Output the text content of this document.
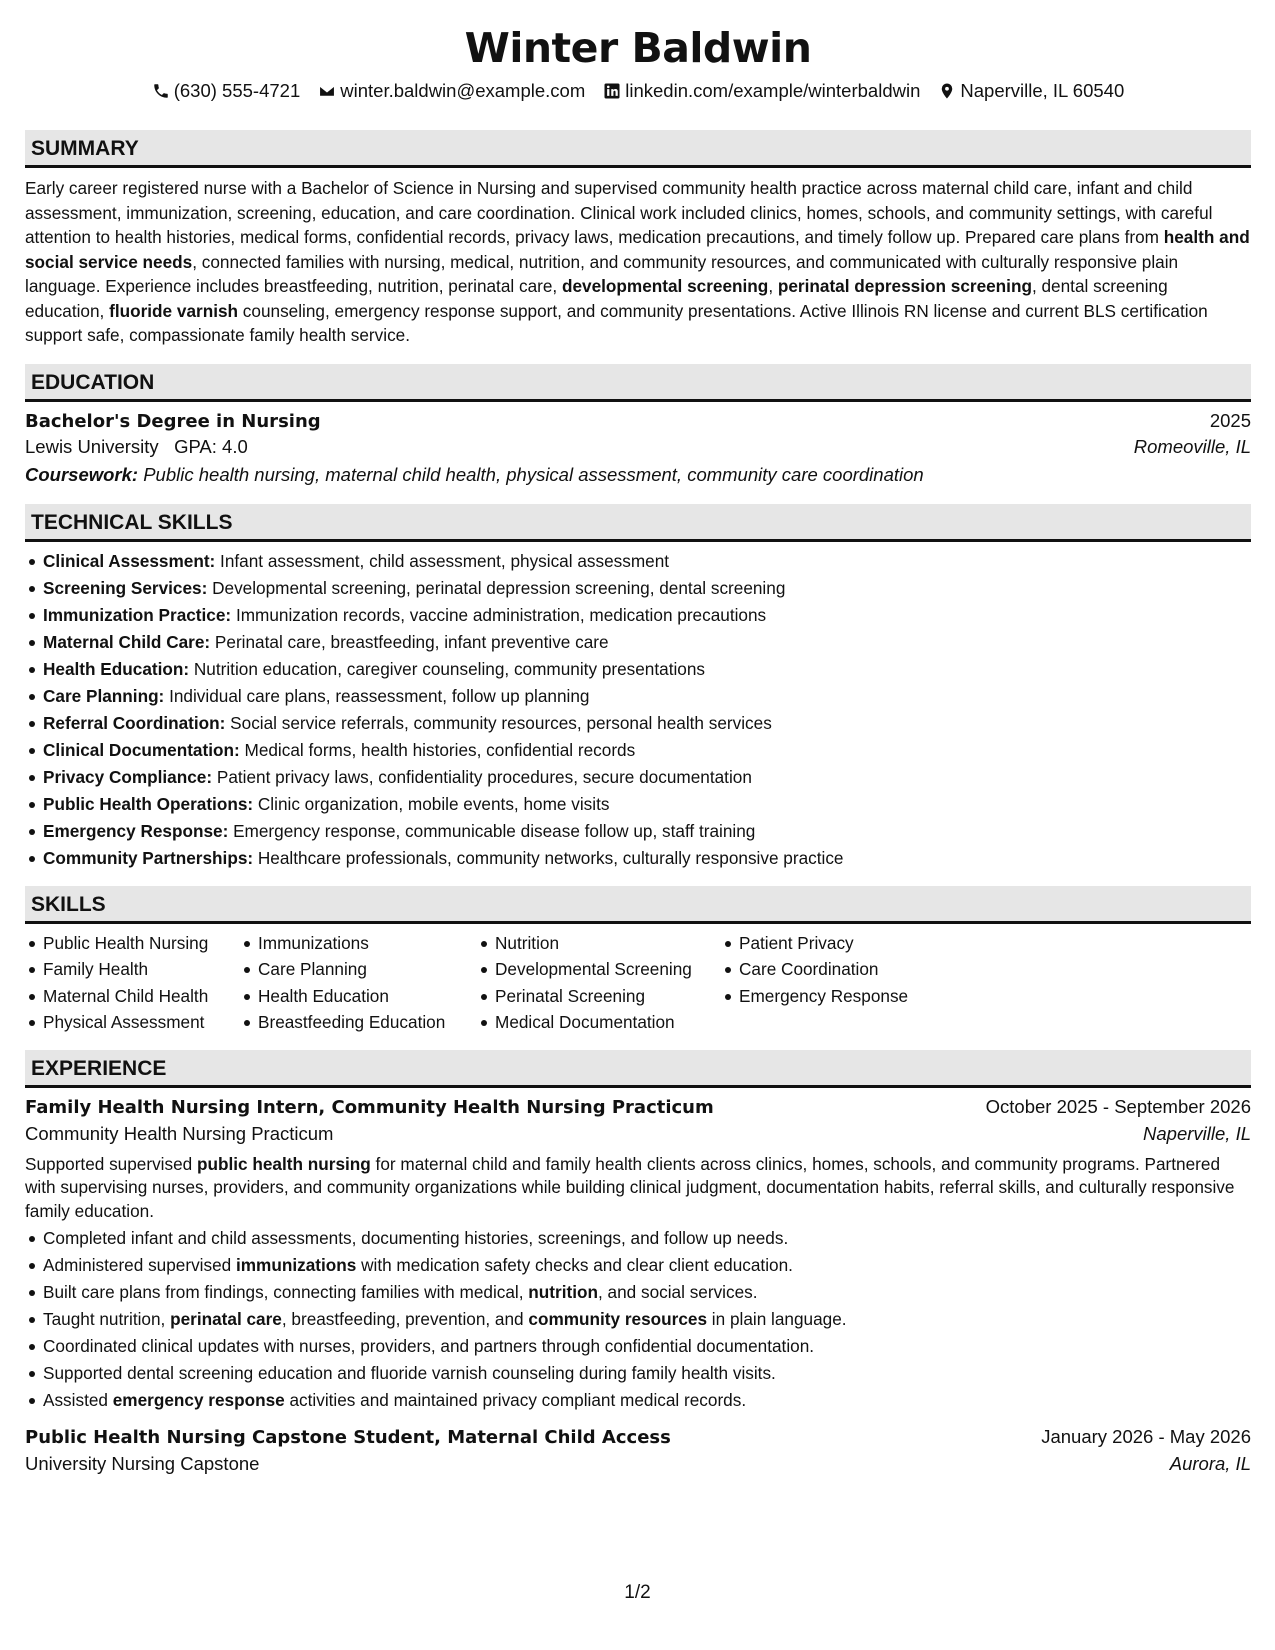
Winter Baldwin
(630) 555-4721 winter.baldwin@example.com linkedin.com/example/winterbaldwin Naperville, IL 60540
SUMMARY

Early career registered nurse with a Bachelor of Science in Nursing and supervised community health practice across maternal child care, infant and child assessment, immunization, screening, education, and care coordination. Clinical work included clinics, homes, schools, and community settings, with careful attention to health histories, medical forms, confidential records, privacy laws, medication precautions, and timely follow up. Prepared care plans from health and social service needs, connected families with nursing, medical, nutrition, and community resources, and communicated with culturally responsive plain language. Experience includes breastfeeding, nutrition, perinatal care, developmental screening, perinatal depression screening, dental screening education, fluoride varnish counseling, emergency response support, and community presentations. Active Illinois RN license and current BLS certification support safe, compassionate family health service.

EDUCATION
Bachelor's Degree in Nursing	2025
Lewis University GPA: 4.0	Romeoville, IL
Coursework: Public health nursing, maternal child health, physical assessment, community care coordination
TECHNICAL SKILLS
Clinical Assessment: Infant assessment, child assessment, physical assessment
Screening Services: Developmental screening, perinatal depression screening, dental screening
Immunization Practice: Immunization records, vaccine administration, medication precautions
Maternal Child Care: Perinatal care, breastfeeding, infant preventive care
Health Education: Nutrition education, caregiver counseling, community presentations
Care Planning: Individual care plans, reassessment, follow up planning
Referral Coordination: Social service referrals, community resources, personal health services
Clinical Documentation: Medical forms, health histories, confidential records
Privacy Compliance: Patient privacy laws, confidentiality procedures, secure documentation
Public Health Operations: Clinic organization, mobile events, home visits
Emergency Response: Emergency response, communicable disease follow up, staff training
Community Partnerships: Healthcare professionals, community networks, culturally responsive practice
SKILLS
Public Health Nursing
Family Health
Maternal Child Health
Physical Assessment
Immunizations
Care Planning
Health Education
Breastfeeding Education
Nutrition
Developmental Screening
Perinatal Screening
Medical Documentation
Patient Privacy
Care Coordination
Emergency Response
EXPERIENCE
Family Health Nursing Intern, Community Health Nursing Practicum	October 2025 - September 2026
Community Health Nursing Practicum	Naperville, IL

Supported supervised public health nursing for maternal child and family health clients across clinics, homes, schools, and community programs. Partnered with supervising nurses, providers, and community organizations while building clinical judgment, documentation habits, referral skills, and culturally responsive family education.

Completed infant and child assessments, documenting histories, screenings, and follow up needs.
Administered supervised immunizations with medication safety checks and clear client education.
Built care plans from findings, connecting families with medical, nutrition, and social services.
Taught nutrition, perinatal care, breastfeeding, prevention, and community resources in plain language.
Coordinated clinical updates with nurses, providers, and partners through confidential documentation.
Supported dental screening education and fluoride varnish counseling during family health visits.
Assisted emergency response activities and maintained privacy compliant medical records.
Public Health Nursing Capstone Student, Maternal Child Access	January 2026 - May 2026
University Nursing Capstone	Aurora, IL
1/2
